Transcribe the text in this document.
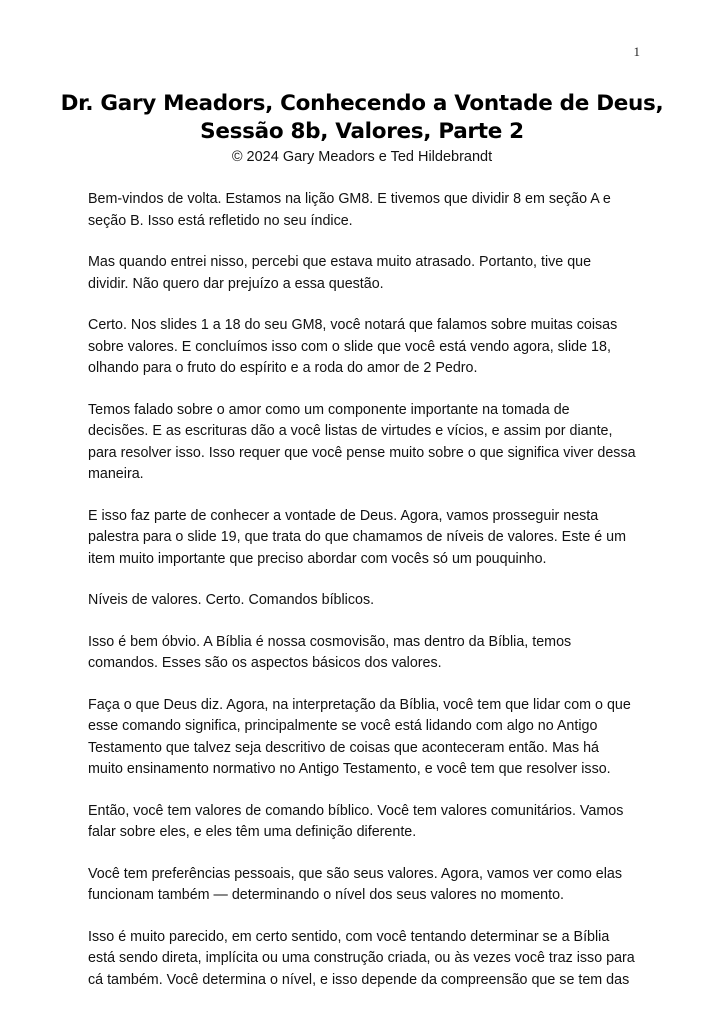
1
Dr. Gary Meadors, Conhecendo a Vontade de Deus,
Sessão 8b, Valores, Parte 2
© 2024 Gary Meadors e Ted Hildebrandt
Bem-vindos de volta. Estamos na lição GM8. E tivemos que dividir 8 em seção A e
seção B. Isso está refletido no seu índice.
Mas quando entrei nisso, percebi que estava muito atrasado. Portanto, tive que
dividir. Não quero dar prejuízo a essa questão.
Certo. Nos slides 1 a 18 do seu GM8, você notará que falamos sobre muitas coisas
sobre valores. E concluímos isso com o slide que você está vendo agora, slide 18,
olhando para o fruto do espírito e a roda do amor de 2 Pedro.
Temos falado sobre o amor como um componente importante na tomada de
decisões. E as escrituras dão a você listas de virtudes e vícios, e assim por diante,
para resolver isso. Isso requer que você pense muito sobre o que significa viver dessa
maneira.
E isso faz parte de conhecer a vontade de Deus. Agora, vamos prosseguir nesta
palestra para o slide 19, que trata do que chamamos de níveis de valores. Este é um
item muito importante que preciso abordar com vocês só um pouquinho.
Níveis de valores. Certo. Comandos bíblicos.
Isso é bem óbvio. A Bíblia é nossa cosmovisão, mas dentro da Bíblia, temos
comandos. Esses são os aspectos básicos dos valores.
Faça o que Deus diz. Agora, na interpretação da Bíblia, você tem que lidar com o que
esse comando significa, principalmente se você está lidando com algo no Antigo
Testamento que talvez seja descritivo de coisas que aconteceram então. Mas há
muito ensinamento normativo no Antigo Testamento, e você tem que resolver isso.
Então, você tem valores de comando bíblico. Você tem valores comunitários. Vamos
falar sobre eles, e eles têm uma definição diferente.
Você tem preferências pessoais, que são seus valores. Agora, vamos ver como elas
funcionam também — determinando o nível dos seus valores no momento.
Isso é muito parecido, em certo sentido, com você tentando determinar se a Bíblia
está sendo direta, implícita ou uma construção criada, ou às vezes você traz isso para
cá também. Você determina o nível, e isso depende da compreensão que se tem das
